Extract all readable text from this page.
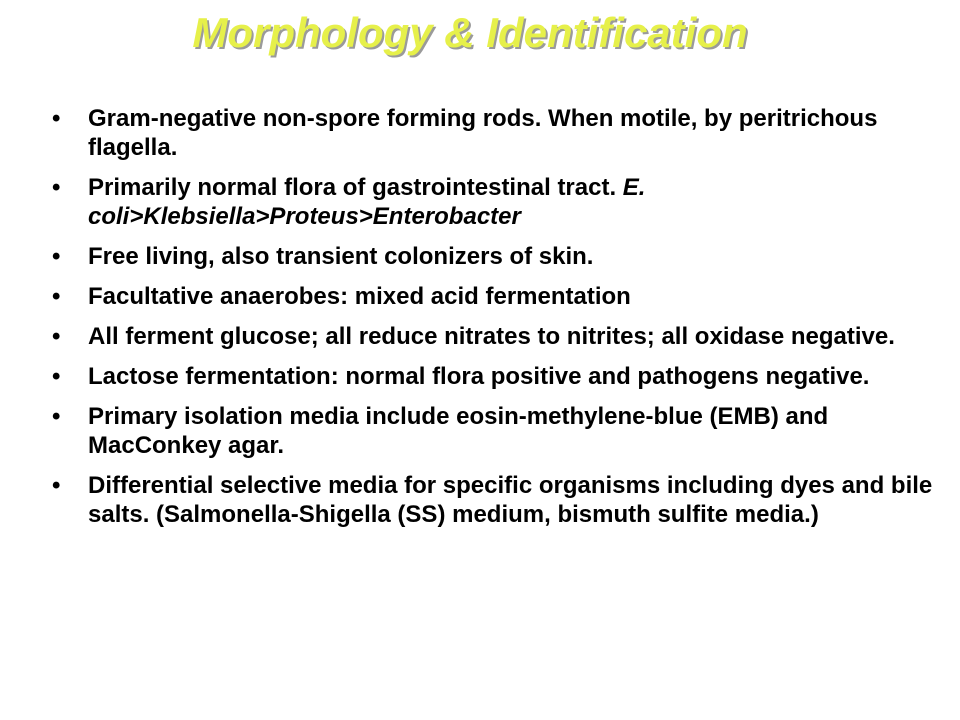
Morphology & Identification
• Gram-negative non-spore forming rods. When motile, by peritrichous flagella.
• Primarily normal flora of gastrointestinal tract. E. coli>Klebsiella>Proteus>Enterobacter
• Free living, also transient colonizers of skin.
• Facultative anaerobes: mixed acid fermentation
• All ferment glucose; all reduce nitrates to nitrites; all oxidase negative.
• Lactose fermentation: normal flora positive and pathogens negative.
• Primary isolation media include eosin-methylene-blue (EMB) and MacConkey agar.
• Differential selective media for specific organisms including dyes and bile salts. (Salmonella-Shigella (SS) medium, bismuth sulfite media.)
